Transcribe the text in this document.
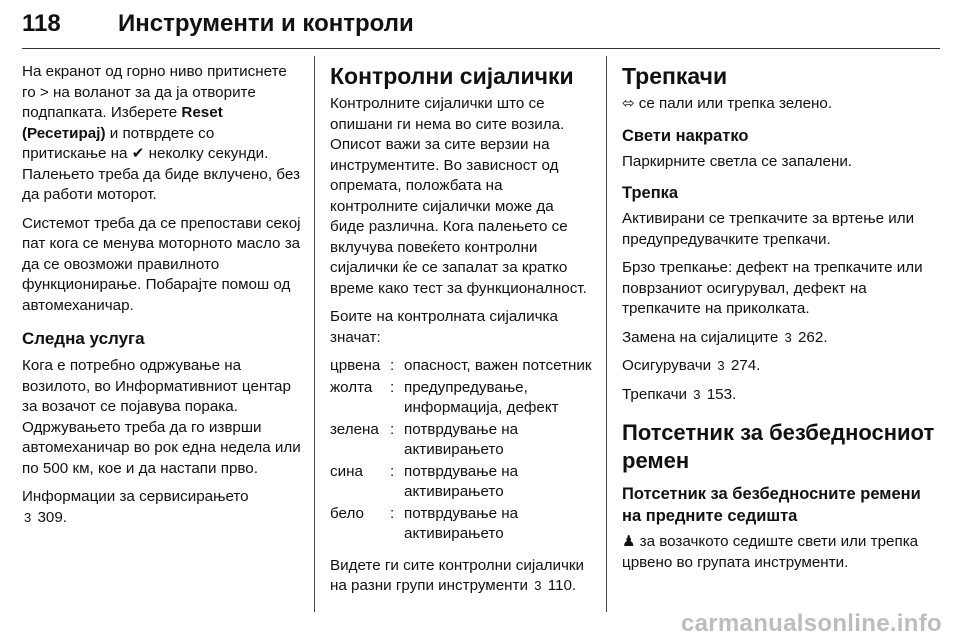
118 Инструменти и контроли

На екранот од горно ниво притиснете го > на воланот за да ја отворите подпапката. Изберете Reset (Ресетирај) и потврдете со притискање на ✔ неколку секунди. Палењето треба да биде вклучено, без да работи моторот.

Системот треба да се препостави секој пат кога се менува моторното масло за да се овозможи правилното функционирање. Побарајте помош од автомеханичар.

Следна услуга

Кога е потребно одржување на возилото, во Информативниот центар за возачот се појавува порака. Одржувањето треба да го изврши автомеханичар во рок една недела или по 500 км, кое и да настапи прво.

Информации за сервисирањето
3 309.

Контролни сијалички

Контролните сијалички што се опишани ги нема во сите возила. Описот важи за сите верзии на инструментите. Во зависност од опремата, положбата на контролните сијалички може да биде различна. Кога палењето се вклучува повеќето контролни сијалички ќе се запалат за кратко време како тест за функционалност.

Боите на контролната сијаличка значат:

црвена	:	опасност, важен потсетник
жолта	:	предупредување, информација, дефект
зелена	:	потврдување на активирањето
сина	:	потврдување на активирањето
бело	:	потврдување на активирањето

Видете ги сите контролни сијалички на разни групи инструменти 3 110.

Трепкачи

⬄ се пали или трепка зелено.

Свети накратко

Паркирните светла се запалени.

Трепка

Активирани се трепкачите за вртење или предупредувачките трепкачи.

Брзо трепкање: дефект на трепкачите или поврзаниот осигурувал, дефект на трепкачите на приколката.

Замена на сијалиците 3 262.

Осигурувачи 3 274.

Трепкачи 3 153.

Потсетник за безбедносниот ремен
Потсетник за безбедносните ремени на предните седишта

♟ за возачкото седиште свети или трепка црвено во групата инструменти.

carmanualsonline.info
